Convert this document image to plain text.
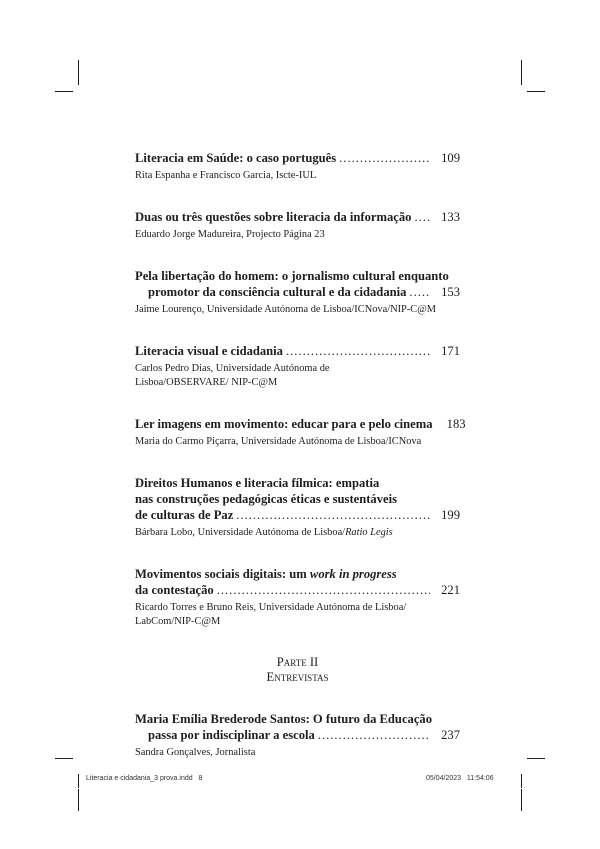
Literacia em Saúde: o caso português .....	109
Rita Espanha e Francisco Garcia, Iscte-IUL
Duas ou três questões sobre literacia da informação ..... 133
Eduardo Jorge Madureira, Projecto Página 23
Pela libertação do homem: o jornalismo cultural enquanto
promotor da consciência cultural e da cidadania .....	153
Jaime Lourenço, Universidade Autónoma de Lisboa/ICNova/NIP-C@M
Literacia visual e cidadania .....	171
Carlos Pedro Dias, Universidade Autónoma de Lisboa/OBSERVARE/ NIP-C@M
Ler imagens em movimento: educar para e pelo cinema 183
Maria do Carmo Piçarra, Universidade Autónoma de Lisboa/ICNova
Direitos Humanos e literacia fílmica: empatia
nas construções pedagógicas éticas e sustentáveis
de culturas de Paz .....	199
Bárbara Lobo, Universidade Autónoma de Lisboa/Ratio Legis
Movimentos sociais digitais: um work in progress
da contestação .....	221
Ricardo Torres e Bruno Reis, Universidade Autónoma de Lisboa/ LabCom/NIP-C@M
Parte II
Entrevistas
Maria Emília Brederode Santos: O futuro da Educação
passa por indisciplinar a escola .....	237
Sandra Gonçalves, Jornalista
Literacia e cidadania_3 prova.indd   8	05/04/2023   11:54:06
